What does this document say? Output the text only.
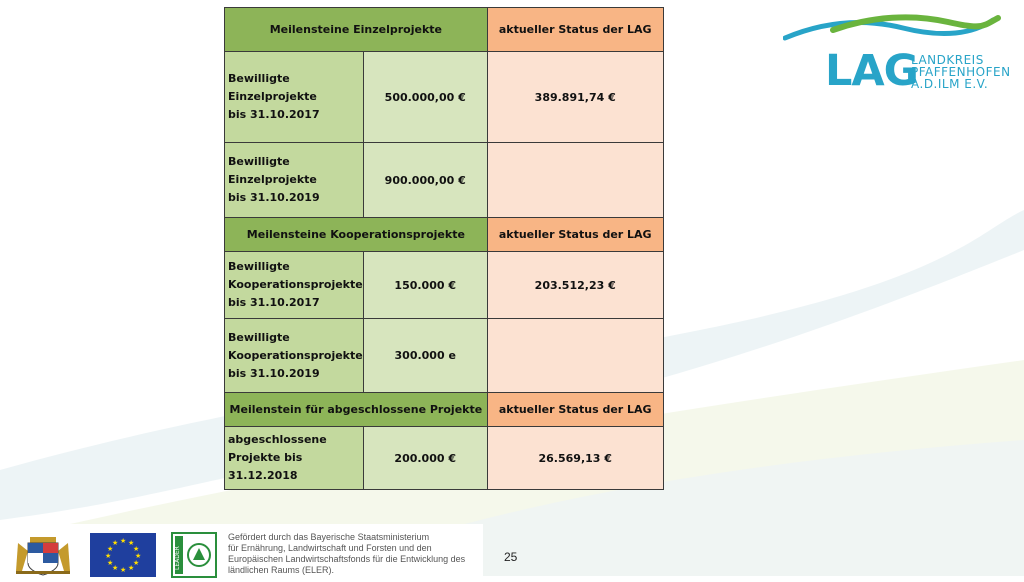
Meilensteine Einzelprojekte		aktueller Status der LAG

Bewilligte
Einzelprojekte
bis 31.10.2017	500.000,00 €	389.891,74 €

Bewilligte
Einzelprojekte
bis 31.10.2019	900.000,00 €	
Meilensteine Kooperationsprojekte		aktueller Status der LAG

Bewilligte
Kooperationsprojekte
bis 31.10.2017	150.000 €	203.512,23 €

Bewilligte
Kooperationsprojekte
bis 31.10.2019	300.000 e	
Meilenstein für abgeschlossene Projekte		aktueller Status der LAG

abgeschlossene
Projekte bis
31.12.2018	200.000 €	26.569,13 €
LAG
LANDKREIS
PFAFFENHOFEN
A.D.ILM E.V.
★ ★
★
★
★
★
★
★
★
★
★
★
LEADER
Gefördert durch das Bayerische Staatsministerium
für Ernährung, Landwirtschaft und Forsten und den
Europäischen Landwirtschaftsfonds für die Entwicklung des
ländlichen Raums (ELER).
25
